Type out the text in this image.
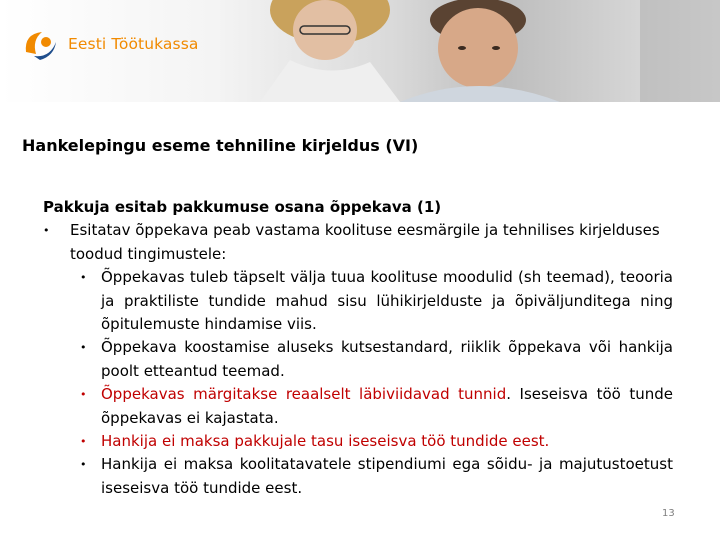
Eesti Töötukassa
Hankelepingu eseme tehniline kirjeldus (VI)
Pakkuja esitab pakkumuse osana õppekava (1)
• Esitatav õppekava peab vastama koolituse eesmärgile ja tehnilises kirjelduses toodud tingimustele:
• Õppekavas tuleb täpselt välja tuua koolituse moodulid (sh teemad), teooria ja praktiliste tundide mahud sisu lühikirjelduste ja õpiväljunditega ning õpitulemuste hindamise viis.
• Õppekava koostamise aluseks kutsestandard, riiklik õppekava või hankija poolt etteantud teemad.
• Õppekavas märgitakse reaalselt läbiviidavad tunnid. Iseseisva töö tunde õppekavas ei kajastata.
• Hankija ei maksa pakkujale tasu iseseisva töö tundide eest.
• Hankija ei maksa koolitatavatele stipendiumi ega sõidu- ja majutustoetust iseseisva töö tundide eest.
13
